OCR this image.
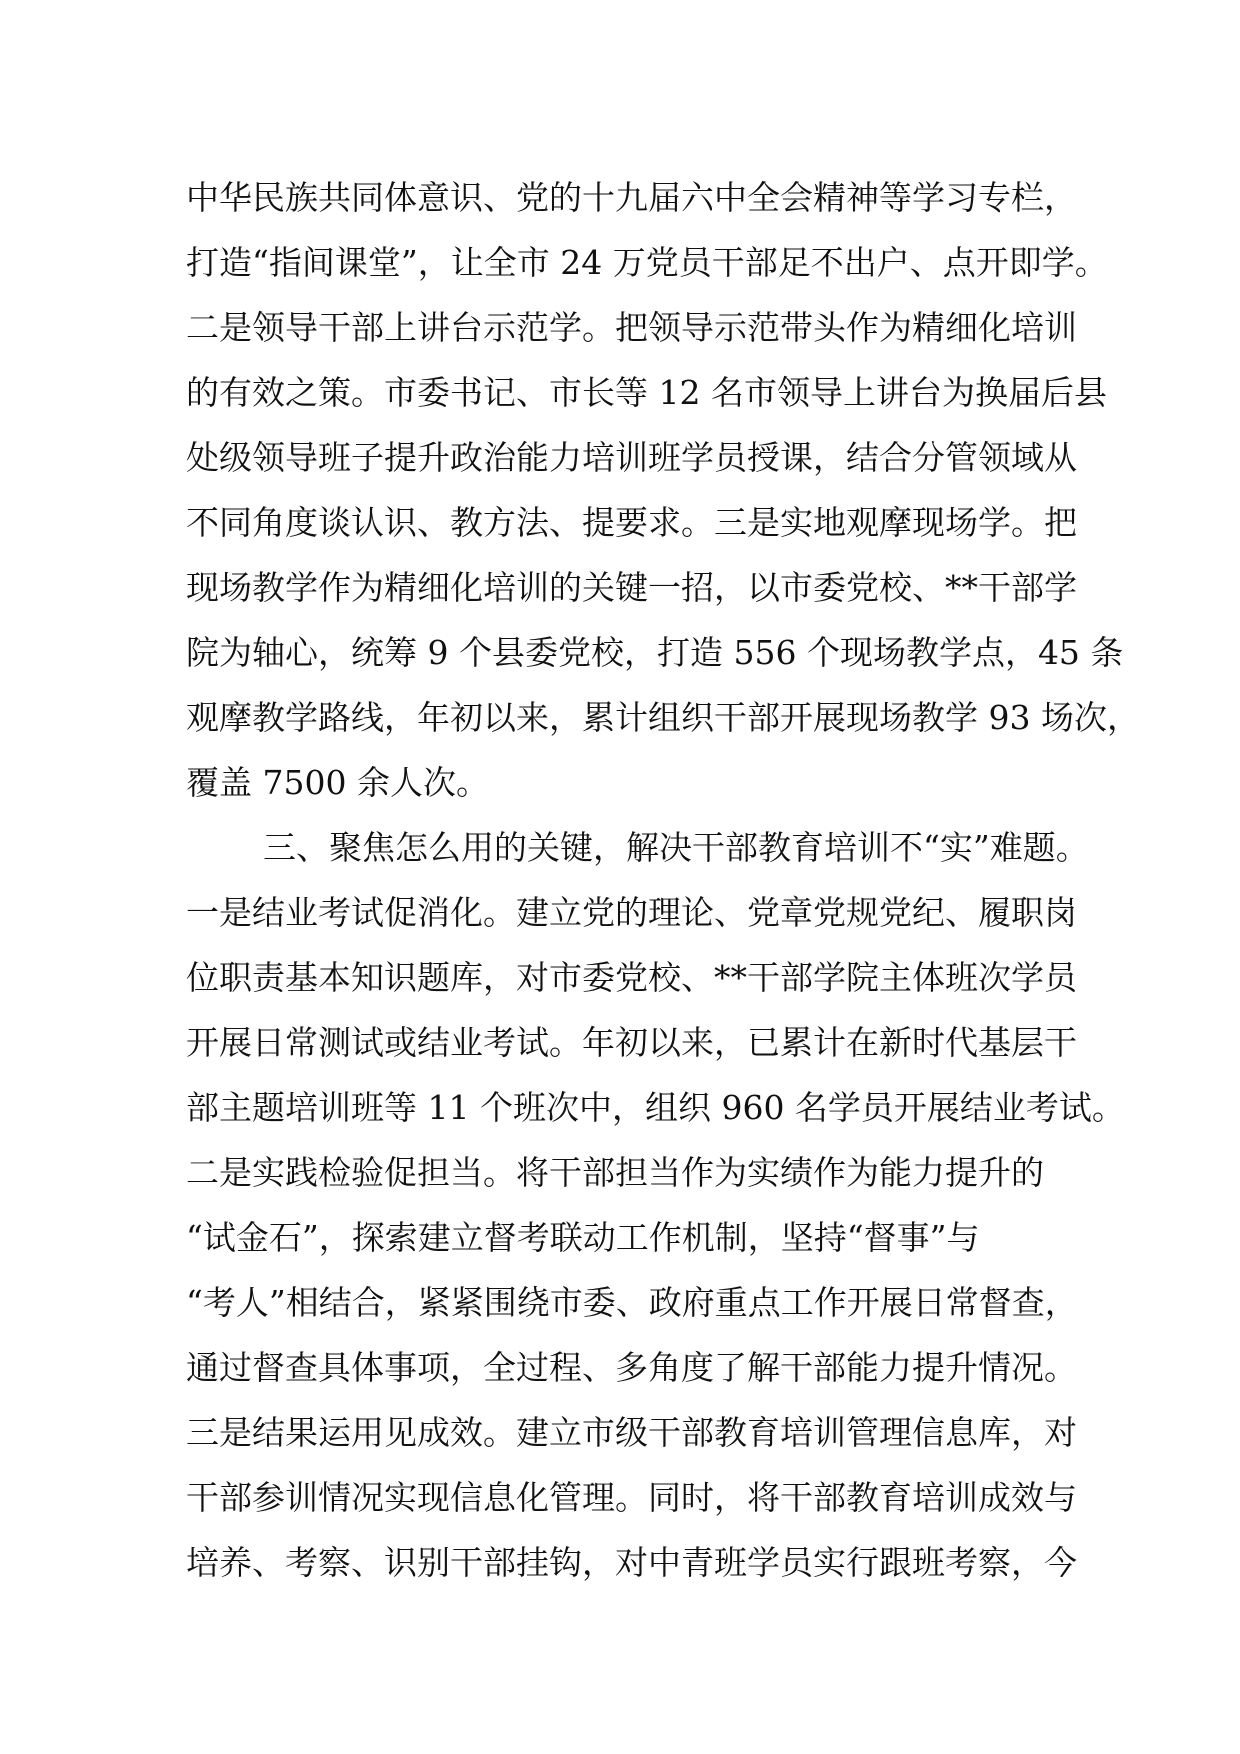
中华民族共同体意识、党的十九届六中全会精神等学习专栏，
打造“指间课堂”，让全市 24 万党员干部足不出户、点开即学。
二是领导干部上讲台示范学。把领导示范带头作为精细化培训
的有效之策。市委书记、市长等 12 名市领导上讲台为换届后县
处级领导班子提升政治能力培训班学员授课，结合分管领域从
不同角度谈认识、教方法、提要求。三是实地观摩现场学。把
现场教学作为精细化培训的关键一招，以市委党校、**干部学
院为轴心，统筹 9 个县委党校，打造 556 个现场教学点，45 条
观摩教学路线，年初以来，累计组织干部开展现场教学 93 场次，
覆盖 7500 余人次。
三、聚焦怎么用的关键，解决干部教育培训不“实”难题。
一是结业考试促消化。建立党的理论、党章党规党纪、履职岗
位职责基本知识题库，对市委党校、**干部学院主体班次学员
开展日常测试或结业考试。年初以来，已累计在新时代基层干
部主题培训班等 11 个班次中，组织 960 名学员开展结业考试。
二是实践检验促担当。将干部担当作为实绩作为能力提升的
“试金石”，探索建立督考联动工作机制，坚持“督事”与
“考人”相结合，紧紧围绕市委、政府重点工作开展日常督查，
通过督查具体事项，全过程、多角度了解干部能力提升情况。
三是结果运用见成效。建立市级干部教育培训管理信息库，对
干部参训情况实现信息化管理。同时，将干部教育培训成效与
培养、考察、识别干部挂钩，对中青班学员实行跟班考察，今
